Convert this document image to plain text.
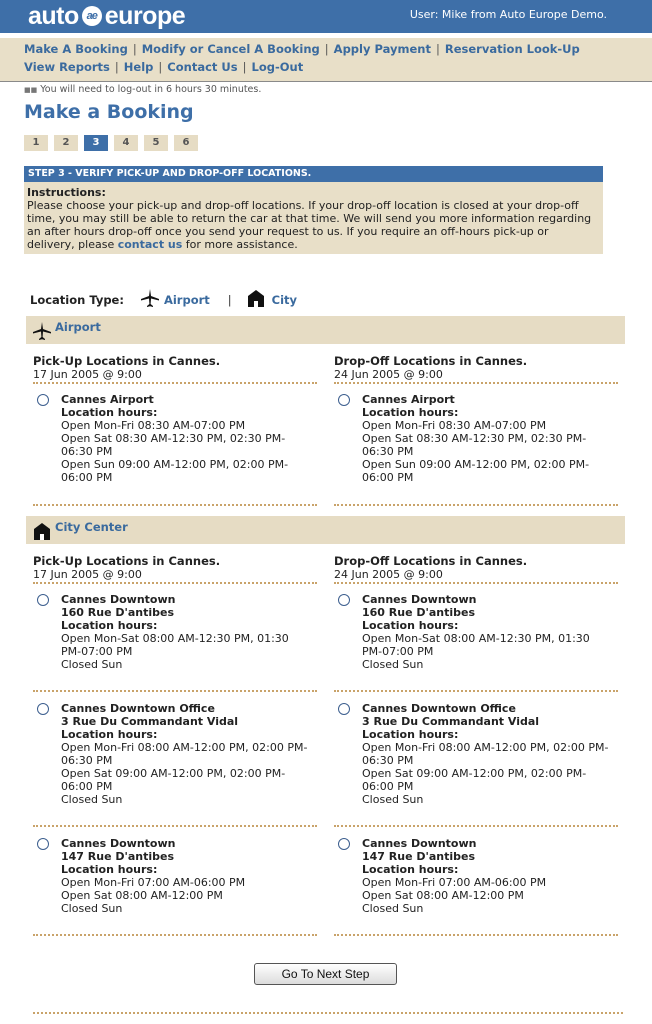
auto ae europe	User: Mike from Auto Europe Demo.
Make A Booking | Modify or Cancel A Booking | Apply Payment | Reservation Look-Up
View Reports | Help | Contact Us | Log-Out
■■ You will need to log-out in 6 hours 30 minutes.
Make a Booking
1	2	3	4	5	6
STEP 3 - VERIFY PICK-UP AND DROP-OFF LOCATIONS.
Instructions:
Please choose your pick-up and drop-off locations. If your drop-off location is closed at your drop-off time, you may still be able to return the car at that time. We will send you more information regarding an after hours drop-off once you send your request to us. If you require an off-hours pick-up or delivery, please contact us for more assistance.
Location Type:	Airport |	City
Airport
Pick-Up Locations in Cannes.
17 Jun 2005 @ 9:00
Drop-Off Locations in Cannes.
24 Jun 2005 @ 9:00
Cannes Airport
Location hours:
Open Mon-Fri 08:30 AM-07:00 PM
Open Sat 08:30 AM-12:30 PM, 02:30 PM-06:30 PM
Open Sun 09:00 AM-12:00 PM, 02:00 PM-06:00 PM
Cannes Airport
Location hours:
Open Mon-Fri 08:30 AM-07:00 PM
Open Sat 08:30 AM-12:30 PM, 02:30 PM-06:30 PM
Open Sun 09:00 AM-12:00 PM, 02:00 PM-06:00 PM
City Center
Pick-Up Locations in Cannes.
17 Jun 2005 @ 9:00
Drop-Off Locations in Cannes.
24 Jun 2005 @ 9:00
Cannes Downtown
160 Rue D'antibes
Location hours:
Open Mon-Sat 08:00 AM-12:30 PM, 01:30 PM-07:00 PM
Closed Sun
Cannes Downtown
160 Rue D'antibes
Location hours:
Open Mon-Sat 08:00 AM-12:30 PM, 01:30 PM-07:00 PM
Closed Sun
Cannes Downtown Office
3 Rue Du Commandant Vidal
Location hours:
Open Mon-Fri 08:00 AM-12:00 PM, 02:00 PM-06:30 PM
Open Sat 09:00 AM-12:00 PM, 02:00 PM-06:00 PM
Closed Sun
Cannes Downtown Office
3 Rue Du Commandant Vidal
Location hours:
Open Mon-Fri 08:00 AM-12:00 PM, 02:00 PM-06:30 PM
Open Sat 09:00 AM-12:00 PM, 02:00 PM-06:00 PM
Closed Sun
Cannes Downtown
147 Rue D'antibes
Location hours:
Open Mon-Fri 07:00 AM-06:00 PM
Open Sat 08:00 AM-12:00 PM
Closed Sun
Cannes Downtown
147 Rue D'antibes
Location hours:
Open Mon-Fri 07:00 AM-06:00 PM
Open Sat 08:00 AM-12:00 PM
Closed Sun
Go To Next Step
